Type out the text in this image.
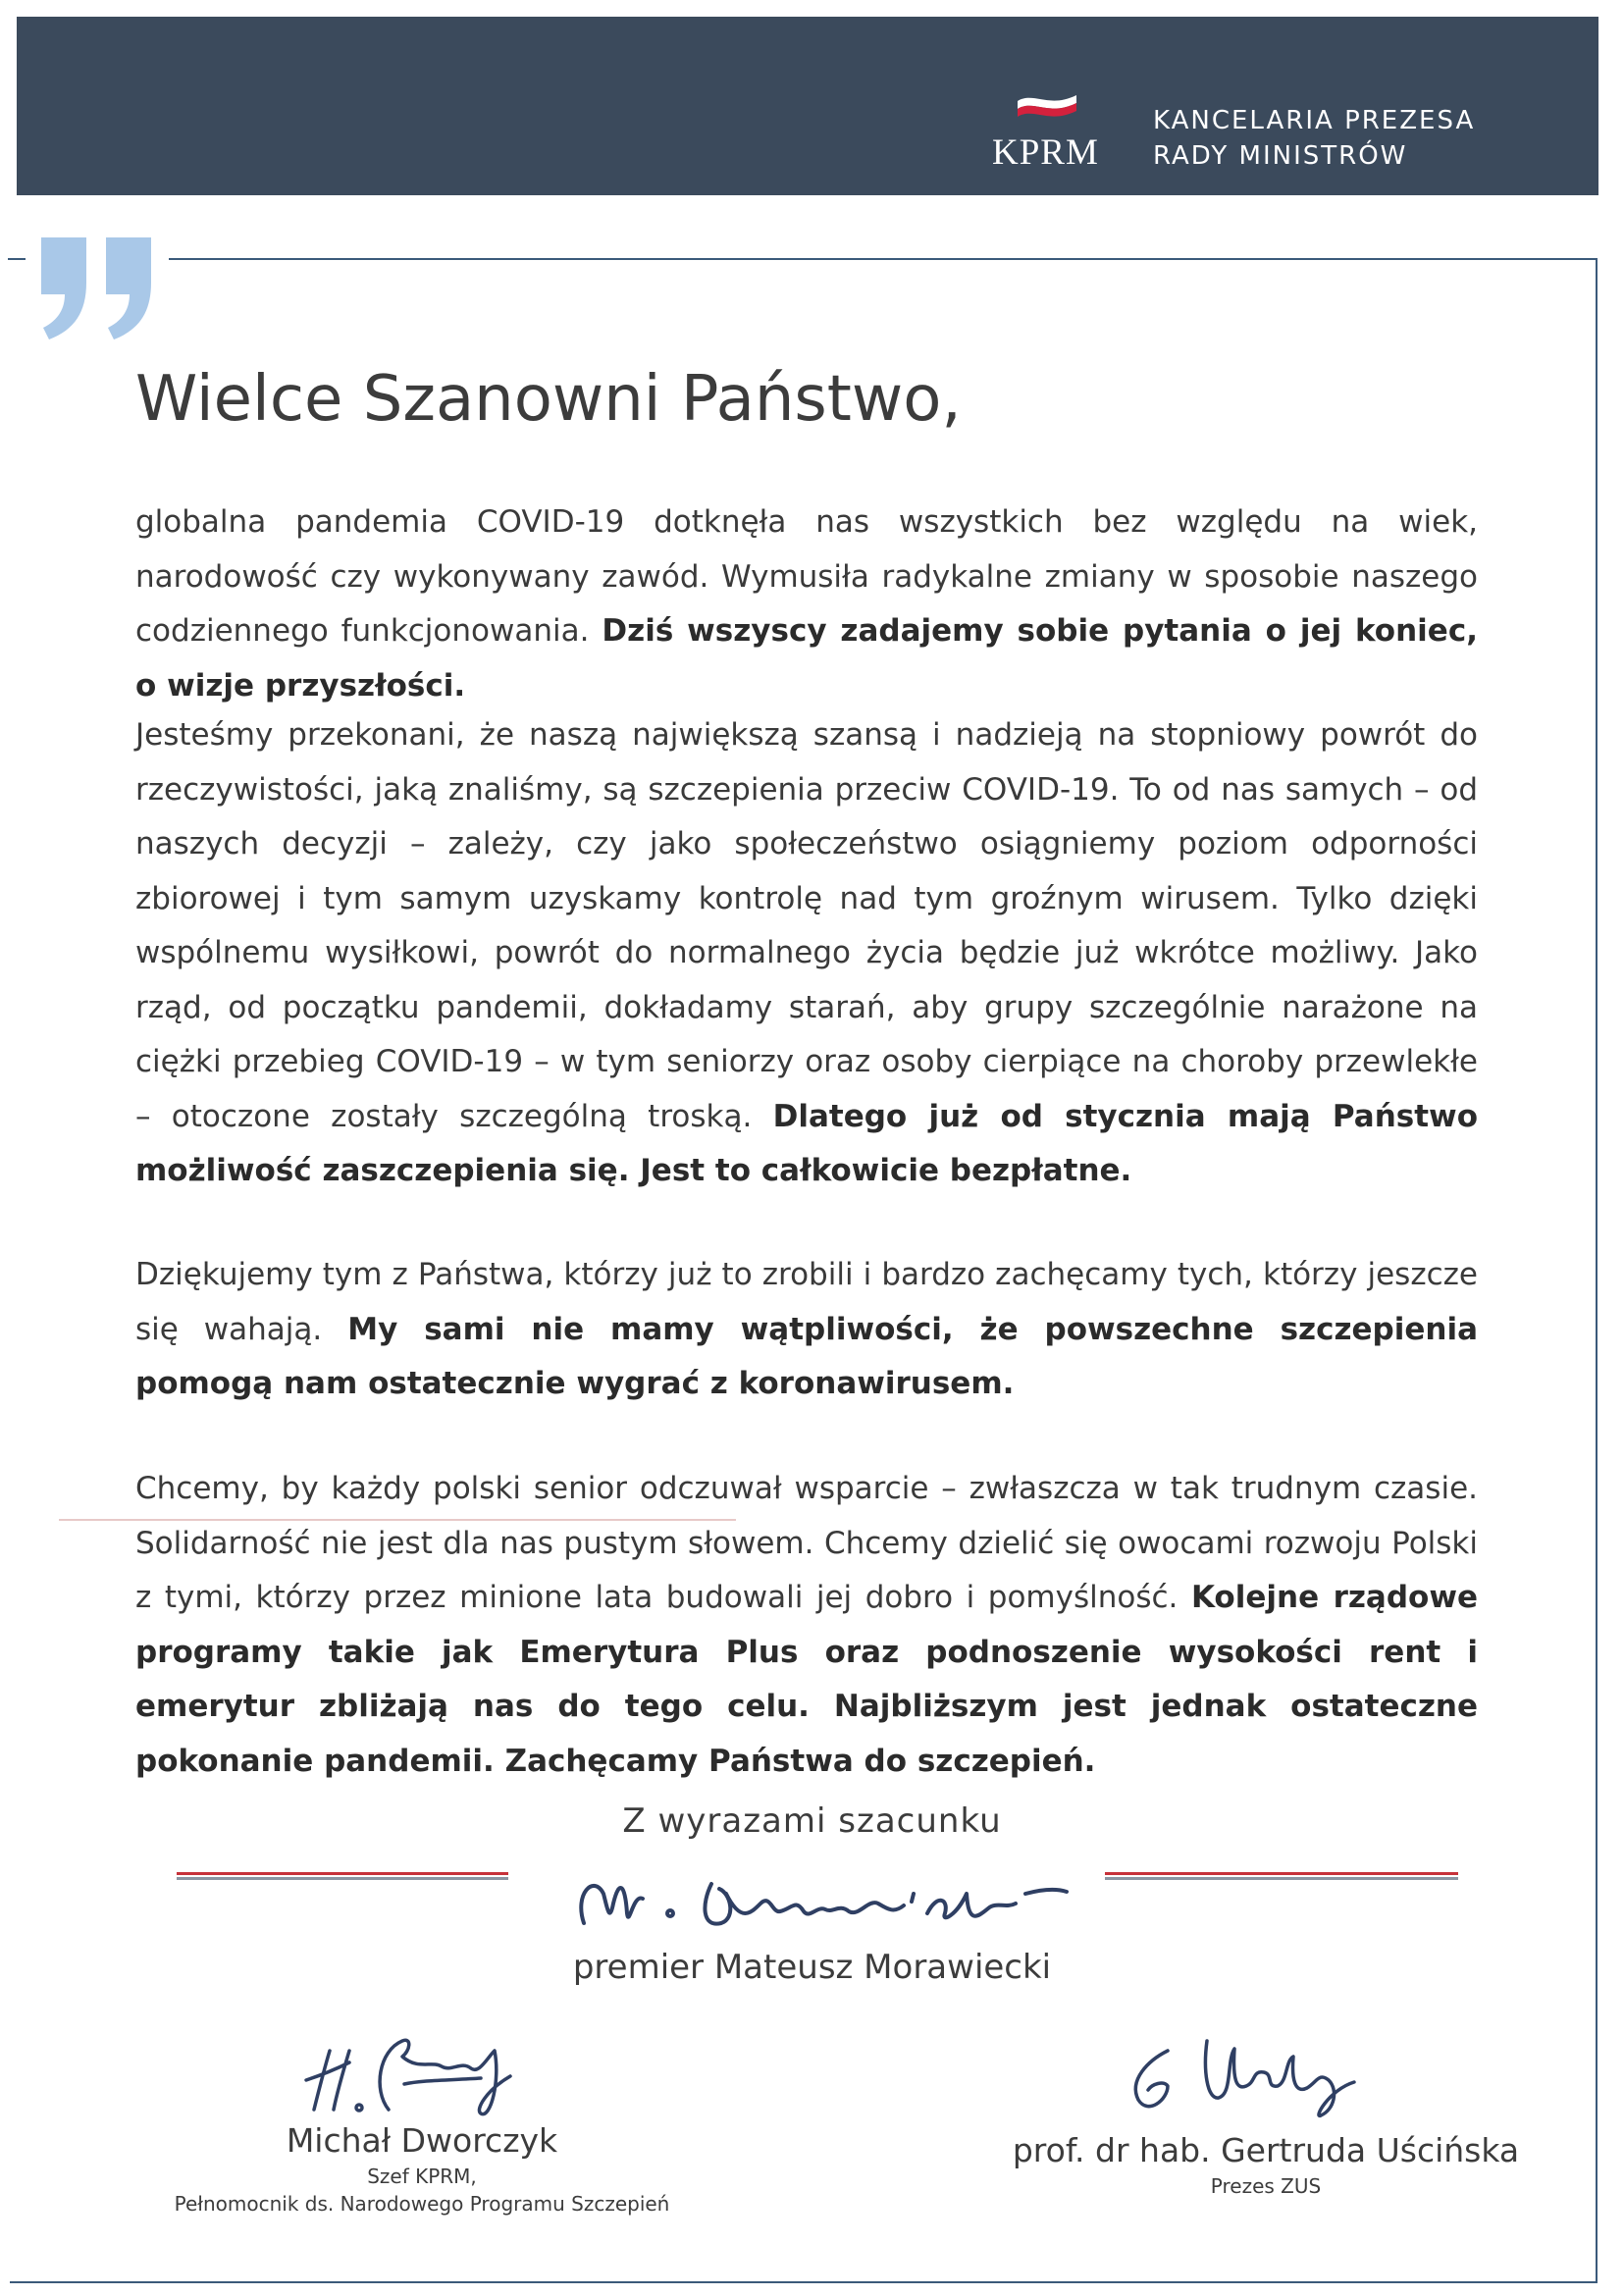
KPRM
KANCELARIA PREZESA
RADY MINISTRÓW
Wielce Szanowni Państwo,
globalna pandemia COVID-19 dotknęła nas wszystkich bez względu na wiek, narodowość czy wykonywany zawód. Wymusiła radykalne zmiany w sposobie naszego codziennego funkcjonowania. Dziś wszyscy zadajemy sobie pytania o jej koniec, o wizje przyszłości.
Jesteśmy przekonani, że naszą największą szansą i nadzieją na stopniowy powrót do rzeczywistości, jaką znaliśmy, są szczepienia przeciw COVID-19. To od nas samych – od naszych decyzji – zależy, czy jako społeczeństwo osiągniemy poziom odporności zbiorowej i tym samym uzyskamy kontrolę nad tym groźnym wirusem. Tylko dzięki wspólnemu wysiłkowi, powrót do normalnego życia będzie już wkrótce możliwy. Jako rząd, od początku pandemii, dokładamy starań, aby grupy szczególnie narażone na ciężki przebieg COVID-19 – w tym seniorzy oraz osoby cierpiące na choroby przewlekłe – otoczone zostały szczególną troską. Dlatego już od stycznia mają Państwo możliwość zaszczepienia się. Jest to całkowicie bezpłatne.
Dziękujemy tym z Państwa, którzy już to zrobili i bardzo zachęcamy tych, którzy jeszcze się wahają. My sami nie mamy wątpliwości, że powszechne szczepienia pomogą nam ostatecznie wygrać z koronawirusem.
Chcemy, by każdy polski senior odczuwał wsparcie – zwłaszcza w tak trudnym czasie. Solidarność nie jest dla nas pustym słowem. Chcemy dzielić się owocami rozwoju Polski z tymi, którzy przez minione lata budowali jej dobro i pomyślność. Kolejne rządowe programy takie jak Emerytura Plus oraz podnoszenie wysokości rent i emerytur zbliżają nas do tego celu. Najbliższym jest jednak ostateczne pokonanie pandemii. Zachęcamy Państwa do szczepień.
Z wyrazami szacunku
premier Mateusz Morawiecki
Michał Dworczyk
Szef KPRM,
Pełnomocnik ds. Narodowego Programu Szczepień
prof. dr hab. Gertruda Uścińska
Prezes ZUS
